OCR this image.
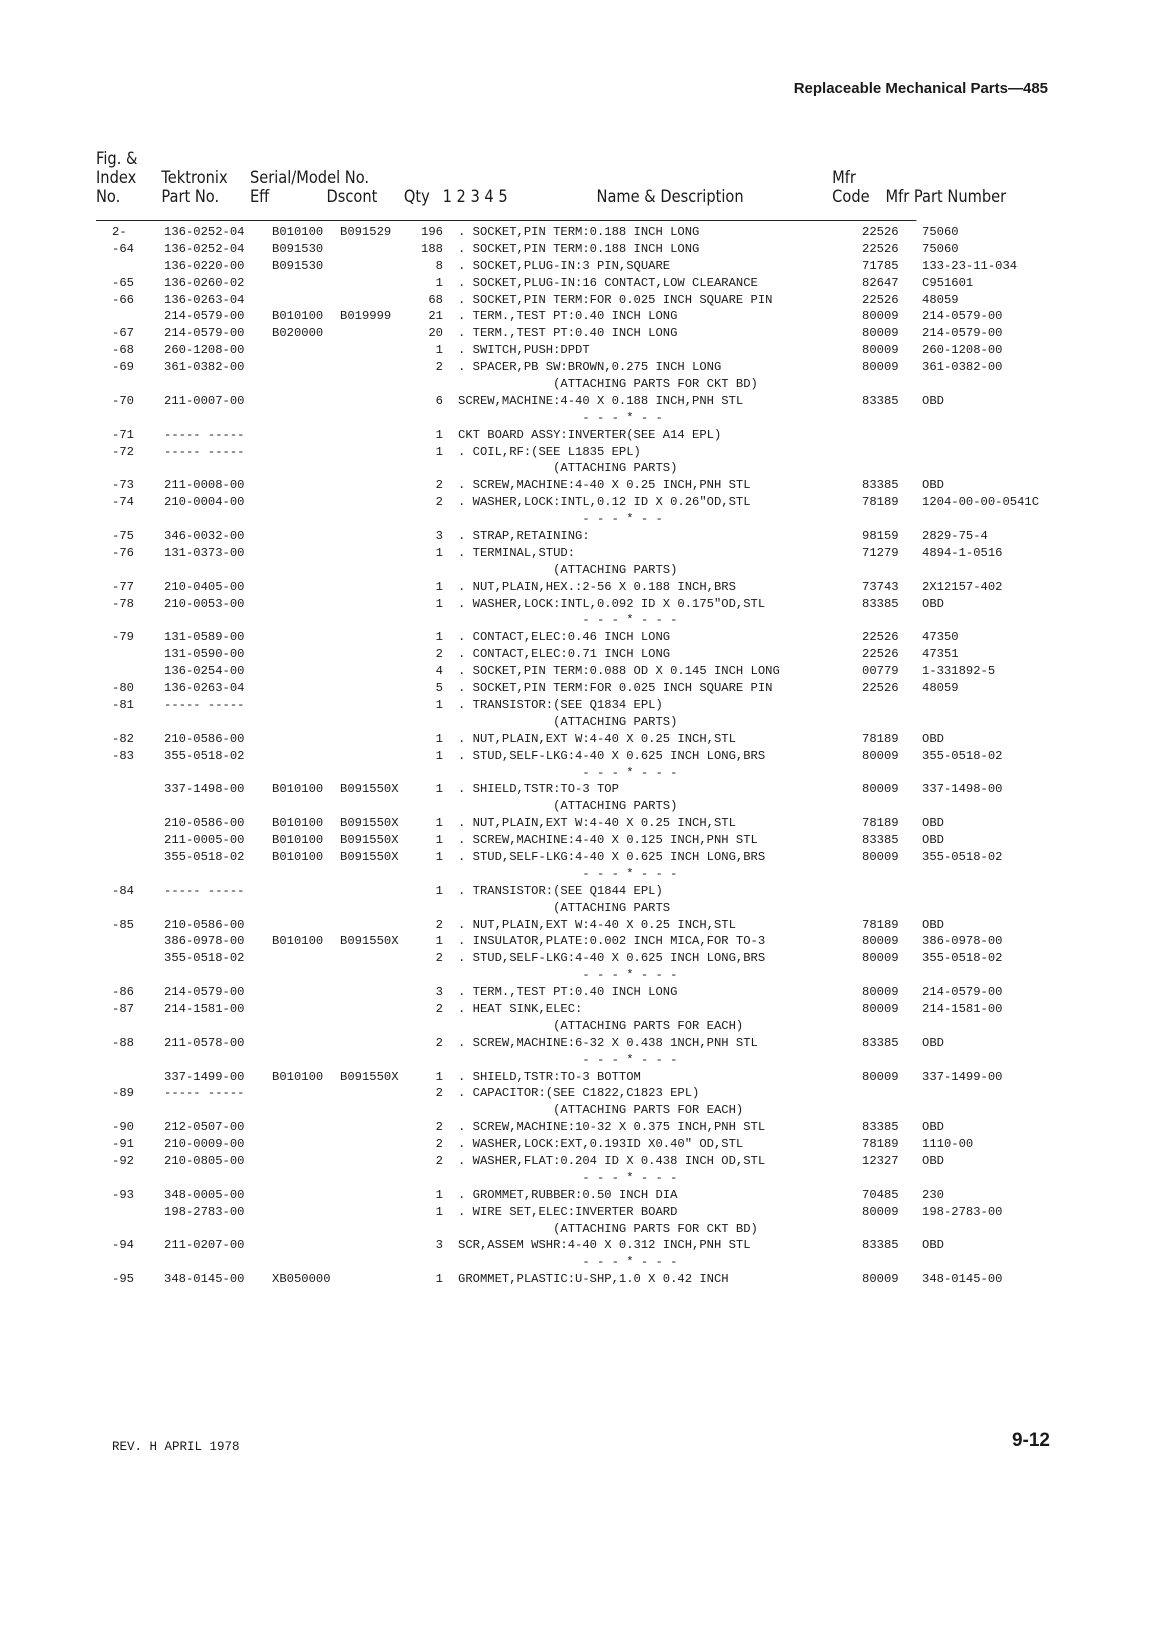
Replaceable Mechanical Parts—485
Fig. &
Index
No.
Tektronix
Part No.
Serial/Model No.
Eff	Dscont Qty 1 2 3 4 5	Name & Description
Mfr
Code Mfr Part Number
2-	136-0252-04 B010100 B091529	196 . SOCKET,PIN TERM:0.188 INCH LONG	22526 75060
-64 136-0252-04 B091530	188 . SOCKET,PIN TERM:0.188 INCH LONG	22526 75060
136-0220-00 B091530	8 . SOCKET,PLUG-IN:3 PIN,SQUARE	71785 133-23-11-034
-65 136-0260-02	1 . SOCKET,PLUG-IN:16 CONTACT,LOW CLEARANCE	82647 C951601
-66 136-0263-04	68 . SOCKET,PIN TERM:FOR 0.025 INCH SQUARE PIN	22526 48059
214-0579-00 B010100 B019999	21 . TERM.,TEST PT:0.40 INCH LONG	80009 214-0579-00
-67 214-0579-00 B020000	20 . TERM.,TEST PT:0.40 INCH LONG	80009 214-0579-00
-68 260-1208-00	1 . SWITCH,PUSH:DPDT	80009 260-1208-00
-69 361-0382-00	2 . SPACER,PB SW:BROWN,0.275 INCH LONG	80009 361-0382-00
(ATTACHING PARTS FOR CKT BD)
-70 211-0007-00	6 SCREW,MACHINE:4-40 X 0.188 INCH,PNH STL	83385 OBD
- - - * - -
-71 ----- -----	1 CKT BOARD ASSY:INVERTER(SEE A14 EPL)
-72 ----- -----	1 . COIL,RF:(SEE L1835 EPL)
(ATTACHING PARTS)
-73 211-0008-00	2 . SCREW,MACHINE:4-40 X 0.25 INCH,PNH STL	83385 OBD
-74 210-0004-00	2 . WASHER,LOCK:INTL,0.12 ID X 0.26"OD,STL	78189 1204-00-00-0541C
- - - * - -
-75 346-0032-00	3 . STRAP,RETAINING:	98159 2829-75-4
-76 131-0373-00	1 . TERMINAL,STUD:	71279 4894-1-0516
(ATTACHING PARTS)
-77 210-0405-00	1 . NUT,PLAIN,HEX.:2-56 X 0.188 INCH,BRS	73743 2X12157-402
-78 210-0053-00	1 . WASHER,LOCK:INTL,0.092 ID X 0.175"OD,STL	83385 OBD
- - - * - - -
-79 131-0589-00	1 . CONTACT,ELEC:0.46 INCH LONG	22526 47350
131-0590-00	2 . CONTACT,ELEC:0.71 INCH LONG	22526 47351
136-0254-00	4 . SOCKET,PIN TERM:0.088 OD X 0.145 INCH LONG	00779 1-331892-5
-80 136-0263-04	5 . SOCKET,PIN TERM:FOR 0.025 INCH SQUARE PIN	22526 48059
-81 ----- -----	1 . TRANSISTOR:(SEE Q1834 EPL)
(ATTACHING PARTS)
-82 210-0586-00	1 . NUT,PLAIN,EXT W:4-40 X 0.25 INCH,STL	78189 OBD
-83 355-0518-02	1 . STUD,SELF-LKG:4-40 X 0.625 INCH LONG,BRS	80009 355-0518-02
- - - * - - -
337-1498-00 B010100 B091550X	1 . SHIELD,TSTR:TO-3 TOP	80009 337-1498-00
(ATTACHING PARTS)
210-0586-00 B010100 B091550X	1 . NUT,PLAIN,EXT W:4-40 X 0.25 INCH,STL	78189 OBD
211-0005-00 B010100 B091550X	1 . SCREW,MACHINE:4-40 X 0.125 INCH,PNH STL	83385 OBD
355-0518-02 B010100 B091550X	1 . STUD,SELF-LKG:4-40 X 0.625 INCH LONG,BRS	80009 355-0518-02
- - - * - - -
-84 ----- -----	1 . TRANSISTOR:(SEE Q1844 EPL)
(ATTACHING PARTS
-85 210-0586-00	2 . NUT,PLAIN,EXT W:4-40 X 0.25 INCH,STL	78189 OBD
386-0978-00 B010100 B091550X	1 . INSULATOR,PLATE:0.002 INCH MICA,FOR TO-3	80009 386-0978-00
355-0518-02	2 . STUD,SELF-LKG:4-40 X 0.625 INCH LONG,BRS	80009 355-0518-02
- - - * - - -
-86 214-0579-00	3 . TERM.,TEST PT:0.40 INCH LONG	80009 214-0579-00
-87 214-1581-00	2 . HEAT SINK,ELEC:	80009 214-1581-00
(ATTACHING PARTS FOR EACH)
-88 211-0578-00	2 . SCREW,MACHINE:6-32 X 0.438 1NCH,PNH STL	83385 OBD
- - - * - - -
337-1499-00 B010100 B091550X	1 . SHIELD,TSTR:TO-3 BOTTOM	80009 337-1499-00
-89 ----- -----	2 . CAPACITOR:(SEE C1822,C1823 EPL)
(ATTACHING PARTS FOR EACH)
-90 212-0507-00	2 . SCREW,MACHINE:10-32 X 0.375 INCH,PNH STL	83385 OBD
-91 210-0009-00	2 . WASHER,LOCK:EXT,0.193ID X0.40" OD,STL	78189 1110-00
-92 210-0805-00	2 . WASHER,FLAT:0.204 ID X 0.438 INCH OD,STL	12327 OBD
- - - * - - -
-93 348-0005-00	1 . GROMMET,RUBBER:0.50 INCH DIA	70485 230
198-2783-00	1 . WIRE SET,ELEC:INVERTER BOARD	80009 198-2783-00
(ATTACHING PARTS FOR CKT BD)
-94 211-0207-00	3 SCR,ASSEM WSHR:4-40 X 0.312 INCH,PNH STL	83385 OBD
- - - * - - -
-95 348-0145-00 XB050000	1 GROMMET,PLASTIC:U-SHP,1.0 X 0.42 INCH	80009 348-0145-00
REV. H APRIL 1978	9-12
